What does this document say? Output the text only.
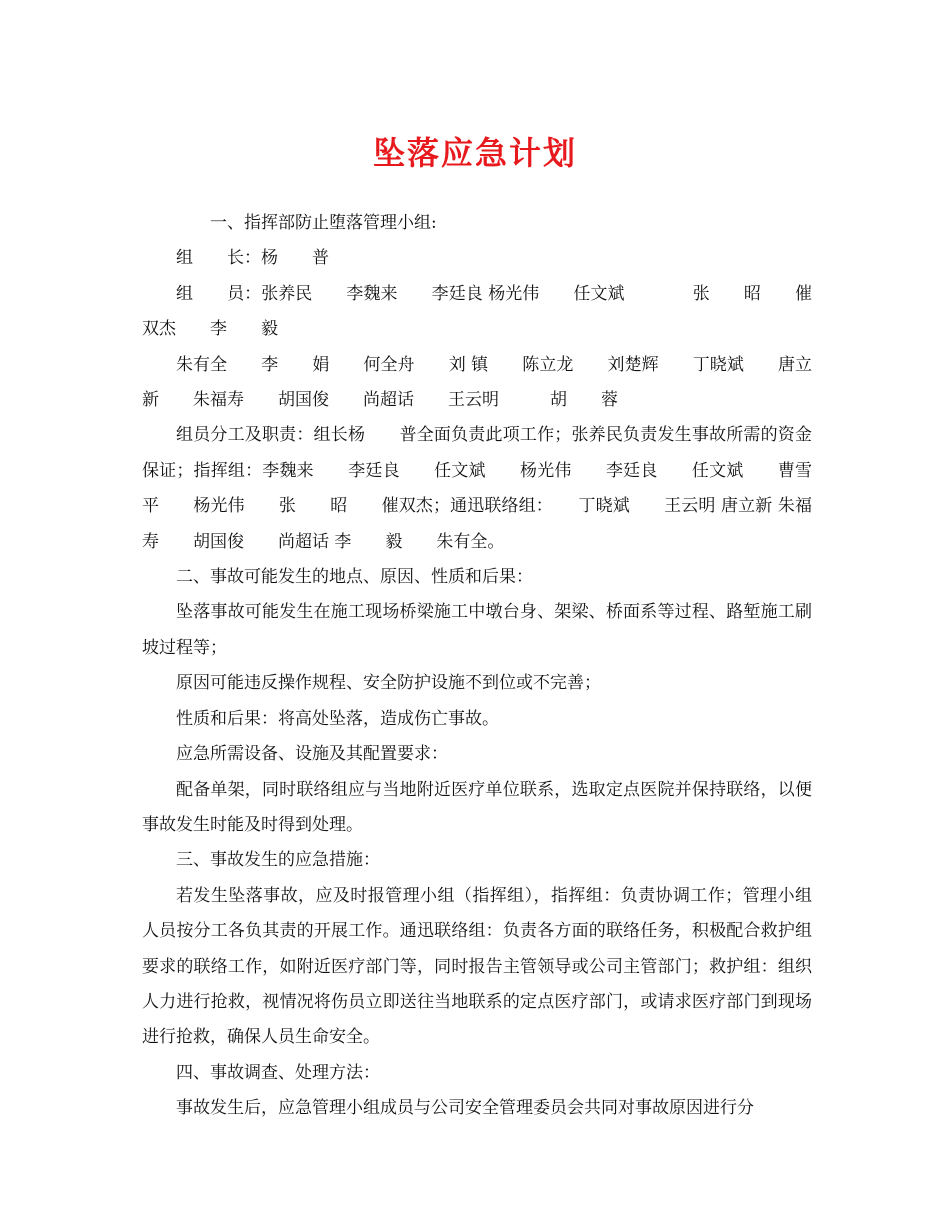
坠落应急计划

一、指挥部防止堕落管理小组:

组　　长：杨　　普

组　　员：张养民　　李魏来　　李廷良 杨光伟　　任文斌　　　　张　　昭　　催双杰　　李　　毅

朱有全　　李　　娟　　何全舟　　刘 镇　　陈立龙　　刘楚辉　　丁晓斌　　唐立新　　朱福寿　　胡国俊　　尚超话　　王云明　　　胡　　蓉

组员分工及职责：组长杨　　普全面负责此项工作；张养民负责发生事故所需的资金保证；指挥组：李魏来　　李廷良　　任文斌　　杨光伟　　李廷良　　任文斌　　曹雪平　　杨光伟　　张　　昭　　催双杰；通迅联络组：　　丁晓斌　　王云明 唐立新 朱福寿　　胡国俊　　尚超话 李　　毅　　朱有全。

二、事故可能发生的地点、原因、性质和后果：

坠落事故可能发生在施工现场桥梁施工中墩台身、架梁、桥面系等过程、路堑施工刷坡过程等；

原因可能违反操作规程、安全防护设施不到位或不完善；

性质和后果：将高处坠落，造成伤亡事故。

应急所需设备、设施及其配置要求：

配备单架，同时联络组应与当地附近医疗单位联系，选取定点医院并保持联络，以便事故发生时能及时得到处理。

三、事故发生的应急措施：

若发生坠落事故，应及时报管理小组（指挥组），指挥组：负责协调工作；管理小组人员按分工各负其责的开展工作。通迅联络组：负责各方面的联络任务，积极配合救护组要求的联络工作，如附近医疗部门等，同时报告主管领导或公司主管部门；救护组：组织人力进行抢救，视情况将伤员立即送往当地联系的定点医疗部门，或请求医疗部门到现场进行抢救，确保人员生命安全。

四、事故调查、处理方法：

事故发生后，应急管理小组成员与公司安全管理委员会共同对事故原因进行分
